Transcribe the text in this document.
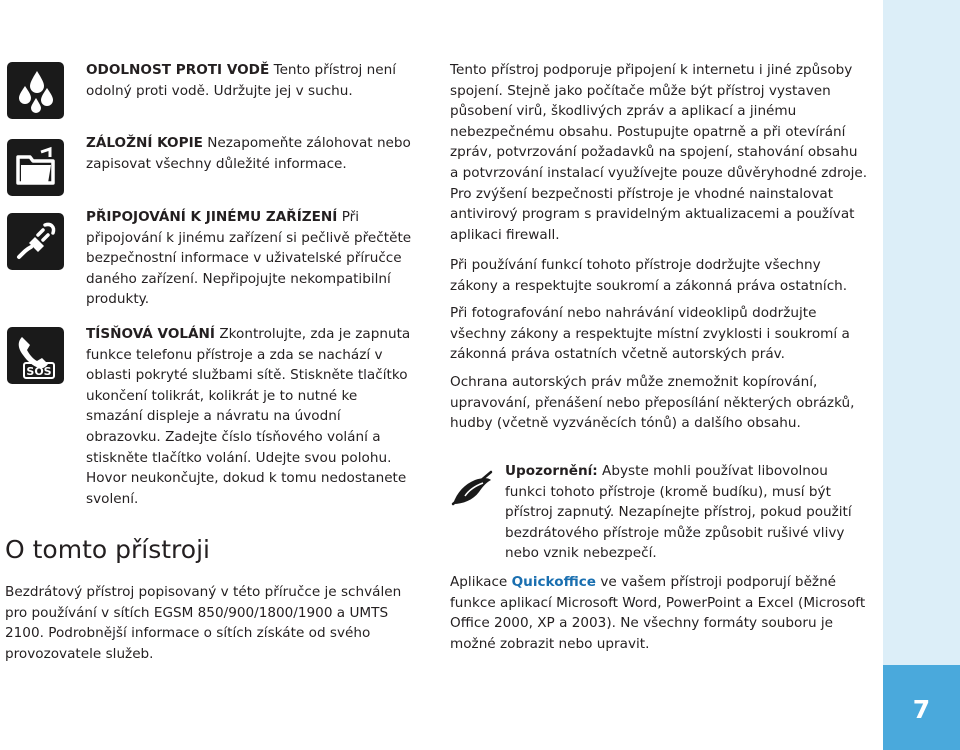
7
SOS

ODOLNOST PROTI VODĚ Tento přístroj není odolný proti vodě. Udržujte jej v suchu.

ZÁLOŽNÍ KOPIE Nezapomeňte zálohovat nebo zapisovat všechny důležité informace.

PŘIPOJOVÁNÍ K JINÉMU ZAŘÍZENÍ Při připojování k jinému zařízení si pečlivě přečtěte bezpečnostní informace v uživatelské příručce daného zařízení. Nepřipojujte nekompatibilní produkty.

TÍSŇOVÁ VOLÁNÍ Zkontrolujte, zda je zapnuta funkce telefonu přístroje a zda se nachází v oblasti pokryté službami sítě. Stiskněte tlačítko ukončení tolikrát, kolikrát je to nutné ke smazání displeje a návratu na úvodní obrazovku. Zadejte číslo tísňového volání a stiskněte tlačítko volání. Udejte svou polohu. Hovor neukončujte, dokud k tomu nedostanete svolení.

O tomto přístroji

Bezdrátový přístroj popisovaný v této příručce je schválen pro používání v sítích EGSM 850/900/1800/1900 a UMTS 2100. Podrobnější informace o sítích získáte od svého provozovatele služeb.

Tento přístroj podporuje připojení k internetu i jiné způsoby spojení. Stejně jako počítače může být přístroj vystaven působení virů, škodlivých zpráv a aplikací a jinému nebezpečnému obsahu. Postupujte opatrně a při otevírání zpráv, potvrzování požadavků na spojení, stahování obsahu a potvrzování instalací využívejte pouze důvěryhodné zdroje. Pro zvýšení bezpečnosti přístroje je vhodné nainstalovat antivirový program s pravidelným aktualizacemi a používat aplikaci firewall.

Při používání funkcí tohoto přístroje dodržujte všechny zákony a respektujte soukromí a zákonná práva ostatních.

Při fotografování nebo nahrávání videoklipů dodržujte všechny zákony a respektujte místní zvyklosti i soukromí a zákonná práva ostatních včetně autorských práv.

Ochrana autorských práv může znemožnit kopírování, upravování, přenášení nebo přeposílání některých obrázků, hudby (včetně vyzváněcích tónů) a dalšího obsahu.

Upozornění: Abyste mohli používat libovolnou funkci tohoto přístroje (kromě budíku), musí být přístroj zapnutý. Nezapínejte přístroj, pokud použití bezdrátového přístroje může způsobit rušivé vlivy nebo vznik nebezpečí.

Aplikace Quickoffice ve vašem přístroji podporují běžné funkce aplikací Microsoft Word, PowerPoint a Excel (Microsoft Office 2000, XP a 2003). Ne všechny formáty souboru je možné zobrazit nebo upravit.
